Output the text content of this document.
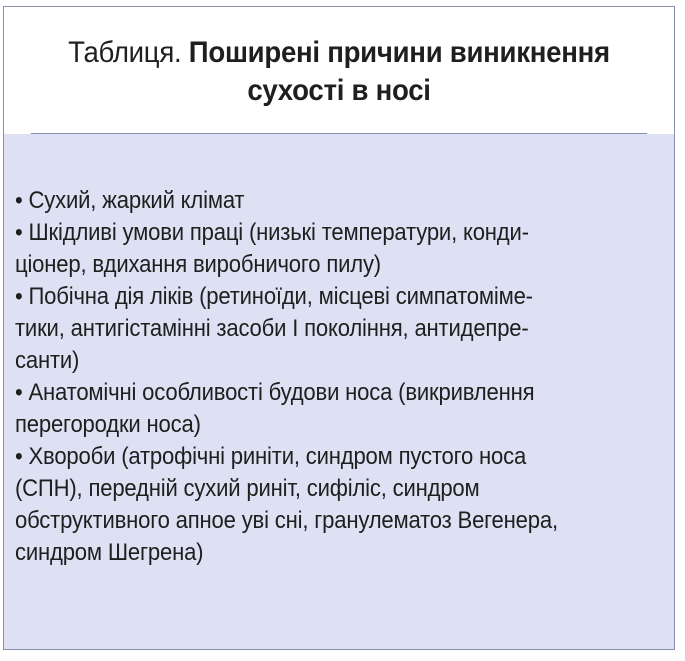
Таблиця. Поширені причини виникнення
сухості в носі
• Сухий, жаркий клімат
• Шкідливі умови праці (низькі температури, конди-
ціонер, вдихання виробничого пилу)
• Побічна дія ліків (ретиноїди, місцеві симпатоміме-
тики, антигістамінні засоби І покоління, антидепре-
санти)
• Анатомічні особливості будови носа (викривлення
перегородки носа)
• Хвороби (атрофічні риніти, синдром пустого носа
(СПН), передній сухий риніт, сифіліс, синдром
обструктивного апное уві сні, гранулематоз Вегенера,
синдром Шегрена)
